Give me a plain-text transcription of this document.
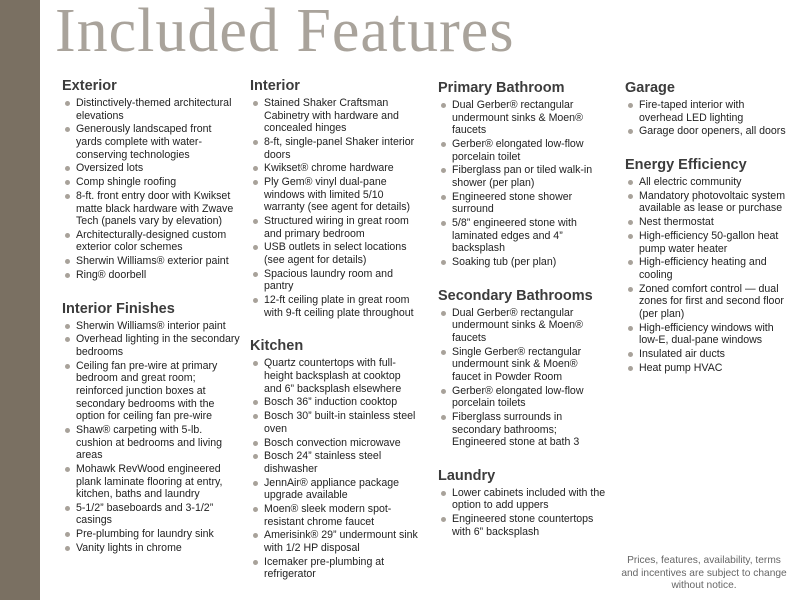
Included Features
Exterior
Distinctively-themed architectural elevations
Generously landscaped front yards complete with water-conserving technologies
Oversized lots
Comp shingle roofing
8-ft. front entry door with Kwikset matte black hardware with Zwave Tech (panels vary by elevation)
Architecturally-designed custom exterior color schemes
Sherwin Williams® exterior paint
Ring® doorbell
Interior Finishes
Sherwin Williams® interior paint
Overhead lighting in the secondary bedrooms
Ceiling fan pre-wire at primary bedroom and great room; reinforced junction boxes at secondary bedrooms with the option for ceiling fan pre-wire
Shaw® carpeting with 5-lb. cushion at bedrooms and living areas
Mohawk RevWood engineered plank laminate flooring at entry, kitchen, baths and laundry
5-1/2” baseboards and 3-1/2” casings
Pre-plumbing for laundry sink
Vanity lights in chrome
Interior
Stained Shaker Craftsman Cabinetry with hardware and concealed hinges
8-ft, single-panel Shaker interior doors
Kwikset® chrome hardware
Ply Gem® vinyl dual-pane windows with limited 5/10 warranty (see agent for details)
Structured wiring in great room and primary bedroom
USB outlets in select locations (see agent for details)
Spacious laundry room and pantry
12-ft ceiling plate in great room with 9-ft ceiling plate throughout
Kitchen
Quartz countertops with full-height backsplash at cooktop and 6” backsplash elsewhere
Bosch 36” induction cooktop
Bosch 30” built-in stainless steel oven
Bosch convection microwave
Bosch 24” stainless steel dishwasher
JennAir® appliance package upgrade available
Moen® sleek modern spot-resistant chrome faucet
Amerisink® 29” undermount sink with 1/2 HP disposal
Icemaker pre-plumbing at refrigerator
Primary Bathroom
Dual Gerber® rectangular undermount sinks & Moen® faucets
Gerber® elongated low-flow porcelain toilet
Fiberglass pan or tiled walk-in shower (per plan)
Engineered stone shower surround
5/8” engineered stone with laminated edges and 4” backsplash
Soaking tub (per plan)
Secondary Bathrooms
Dual Gerber® rectangular undermount sinks & Moen® faucets
Single Gerber® rectangular undermount sink & Moen® faucet in Powder Room
Gerber® elongated low-flow porcelain toilets
Fiberglass surrounds in secondary bathrooms; Engineered stone at bath 3
Laundry
Lower cabinets included with the option to add uppers
Engineered stone countertops with 6” backsplash
Garage
Fire-taped interior with overhead LED lighting
Garage door openers, all doors
Energy Efficiency
All electric community
Mandatory photovoltaic system available as lease or purchase
Nest thermostat
High-efficiency 50-gallon heat pump water heater
High-efficiency heating and cooling
Zoned comfort control — dual zones for first and second floor (per plan)
High-efficiency windows with low-E, dual-pane windows
Insulated air ducts
Heat pump HVAC
Prices, features, availability, terms and incentives are subject to change without notice.
